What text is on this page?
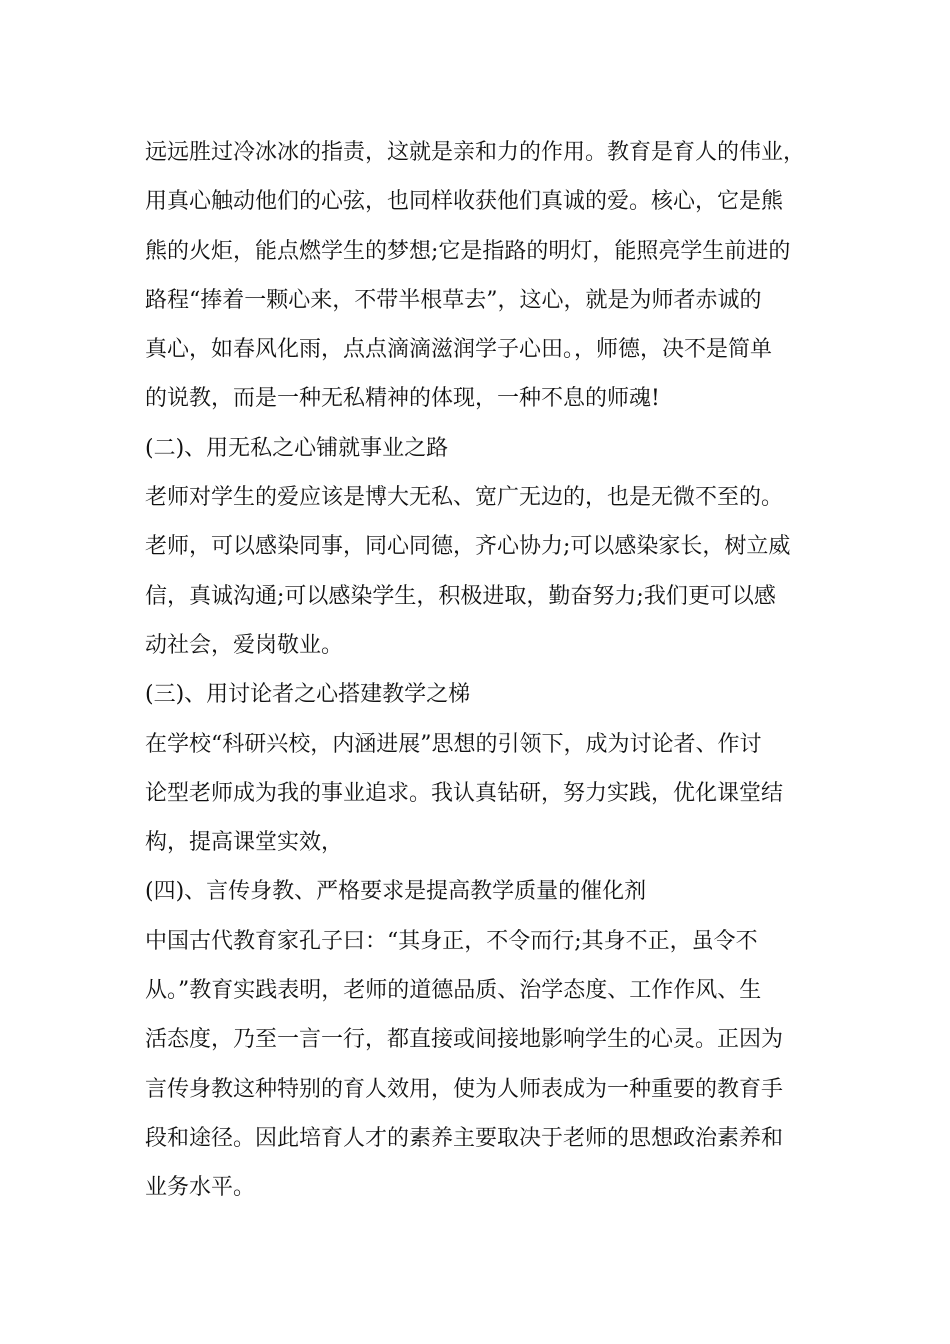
远远胜过冷冰冰的指责，这就是亲和力的作用。教育是育人的伟业，
用真心触动他们的心弦，也同样收获他们真诚的爱。核心，它是熊
熊的火炬，能点燃学生的梦想;它是指路的明灯，能照亮学生前进的
路程“捧着一颗心来，不带半根草去”，这心，就是为师者赤诚的
真心，如春风化雨，点点滴滴滋润学子心田。，师德，决不是简单
的说教，而是一种无私精神的体现，一种不息的师魂!
(二)、用无私之心铺就事业之路
老师对学生的爱应该是博大无私、宽广无边的，也是无微不至的。
老师，可以感染同事，同心同德，齐心协力;可以感染家长，树立威
信，真诚沟通;可以感染学生，积极进取，勤奋努力;我们更可以感
动社会，爱岗敬业。
(三)、用讨论者之心搭建教学之梯
在学校“科研兴校，内涵进展”思想的引领下，成为讨论者、作讨
论型老师成为我的事业追求。我认真钻研，努力实践，优化课堂结
构，提高课堂实效，
(四)、言传身教、严格要求是提高教学质量的催化剂
中国古代教育家孔子曰：“其身正，不令而行;其身不正，虽令不
从。”教育实践表明，老师的道德品质、治学态度、工作作风、生
活态度，乃至一言一行，都直接或间接地影响学生的心灵。正因为
言传身教这种特别的育人效用，使为人师表成为一种重要的教育手
段和途径。因此培育人才的素养主要取决于老师的思想政治素养和
业务水平。
